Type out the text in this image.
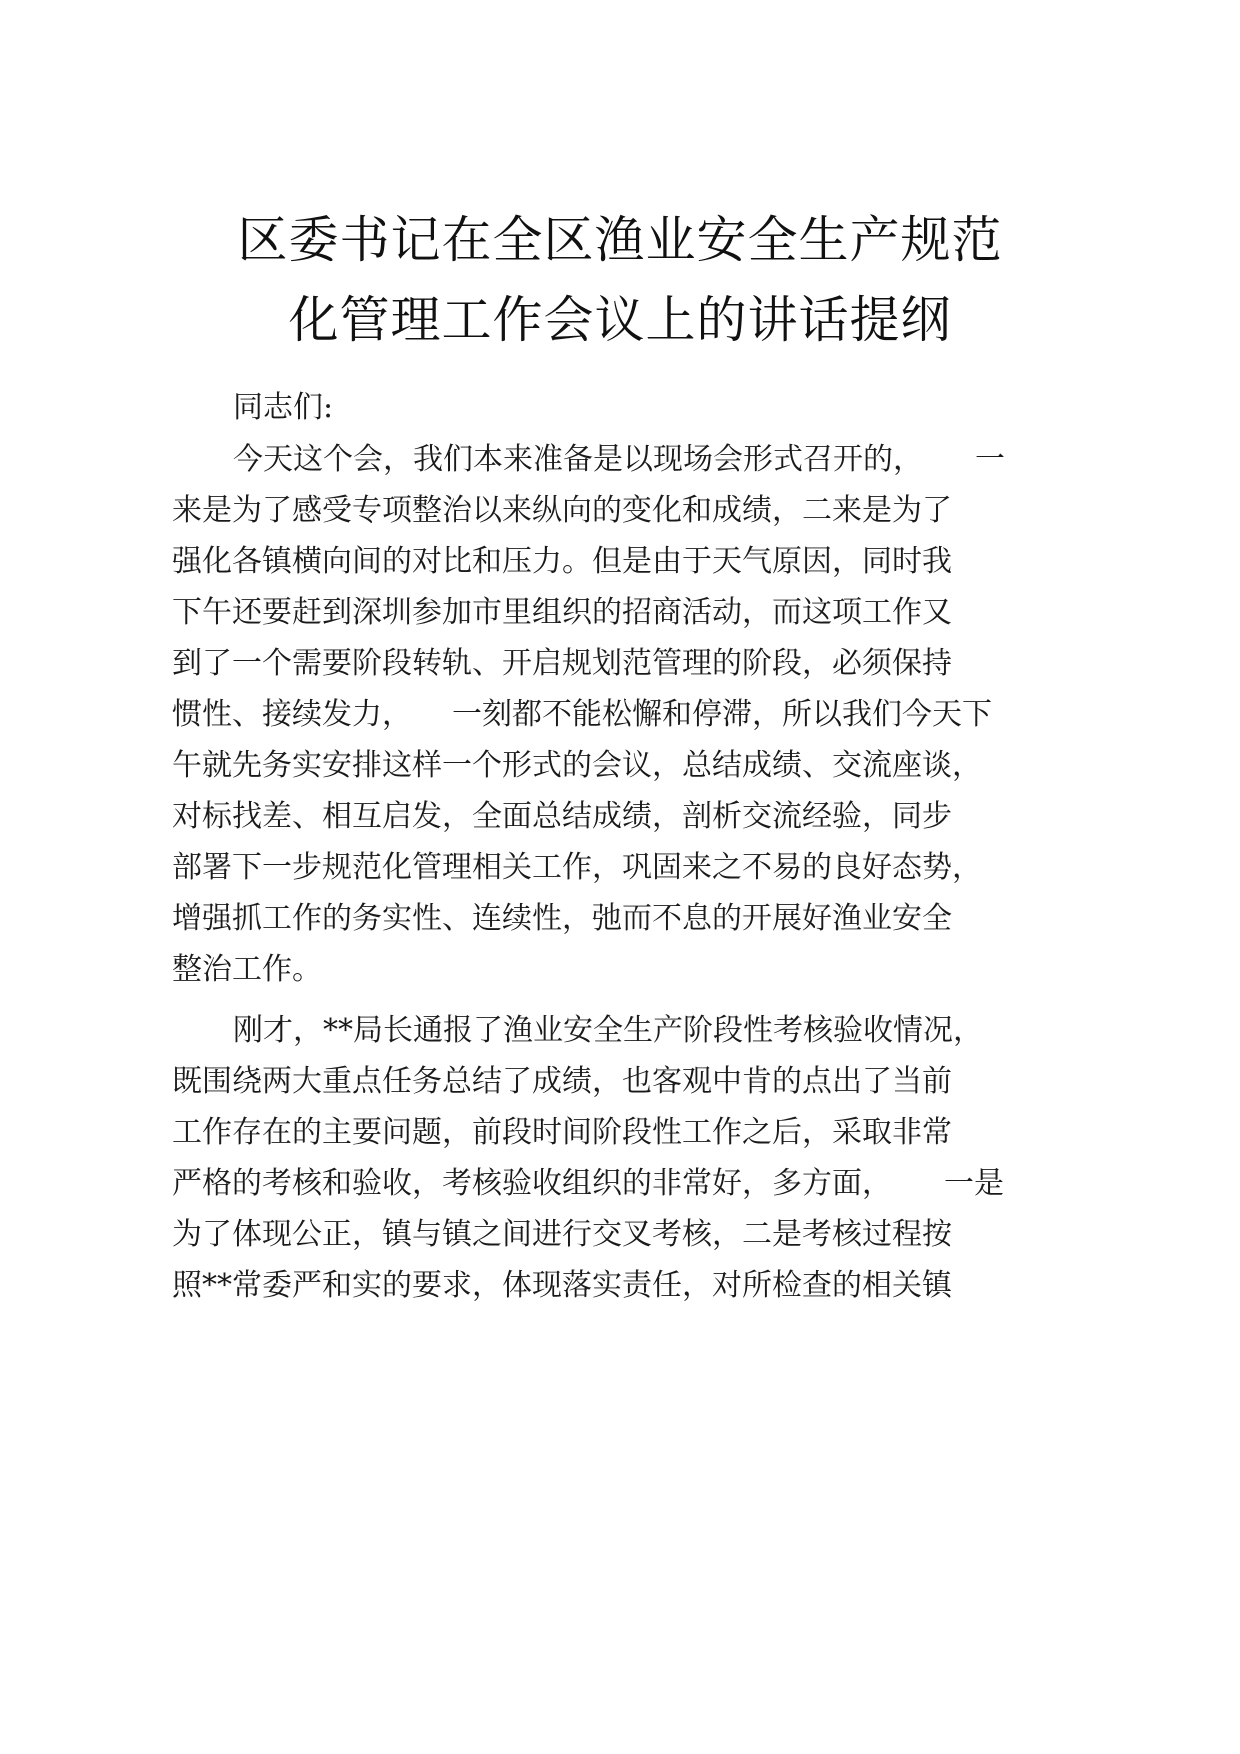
区委书记在全区渔业安全生产规范
化管理工作会议上的讲话提纲
同志们:
今天这个会，我们本来准备是以现场会形式召开的， 一
来是为了感受专项整治以来纵向的变化和成绩，二来是为了
强化各镇横向间的对比和压力。但是由于天气原因，同时我
下午还要赶到深圳参加市里组织的招商活动，而这项工作又
到了一个需要阶段转轨、开启规划范管理的阶段，必须保持
惯性、接续发力， 一刻都不能松懈和停滞，所以我们今天下
午就先务实安排这样一个形式的会议，总结成绩、交流座谈，
对标找差、相互启发，全面总结成绩，剖析交流经验，同步
部署下一步规范化管理相关工作，巩固来之不易的良好态势，
增强抓工作的务实性、连续性，弛而不息的开展好渔业安全
整治工作。
刚才，**局长通报了渔业安全生产阶段性考核验收情况，
既围绕两大重点任务总结了成绩，也客观中肯的点出了当前
工作存在的主要问题，前段时间阶段性工作之后，采取非常
严格的考核和验收，考核验收组织的非常好，多方面， 一是
为了体现公正，镇与镇之间进行交叉考核，二是考核过程按
照**常委严和实的要求，体现落实责任，对所检查的相关镇
